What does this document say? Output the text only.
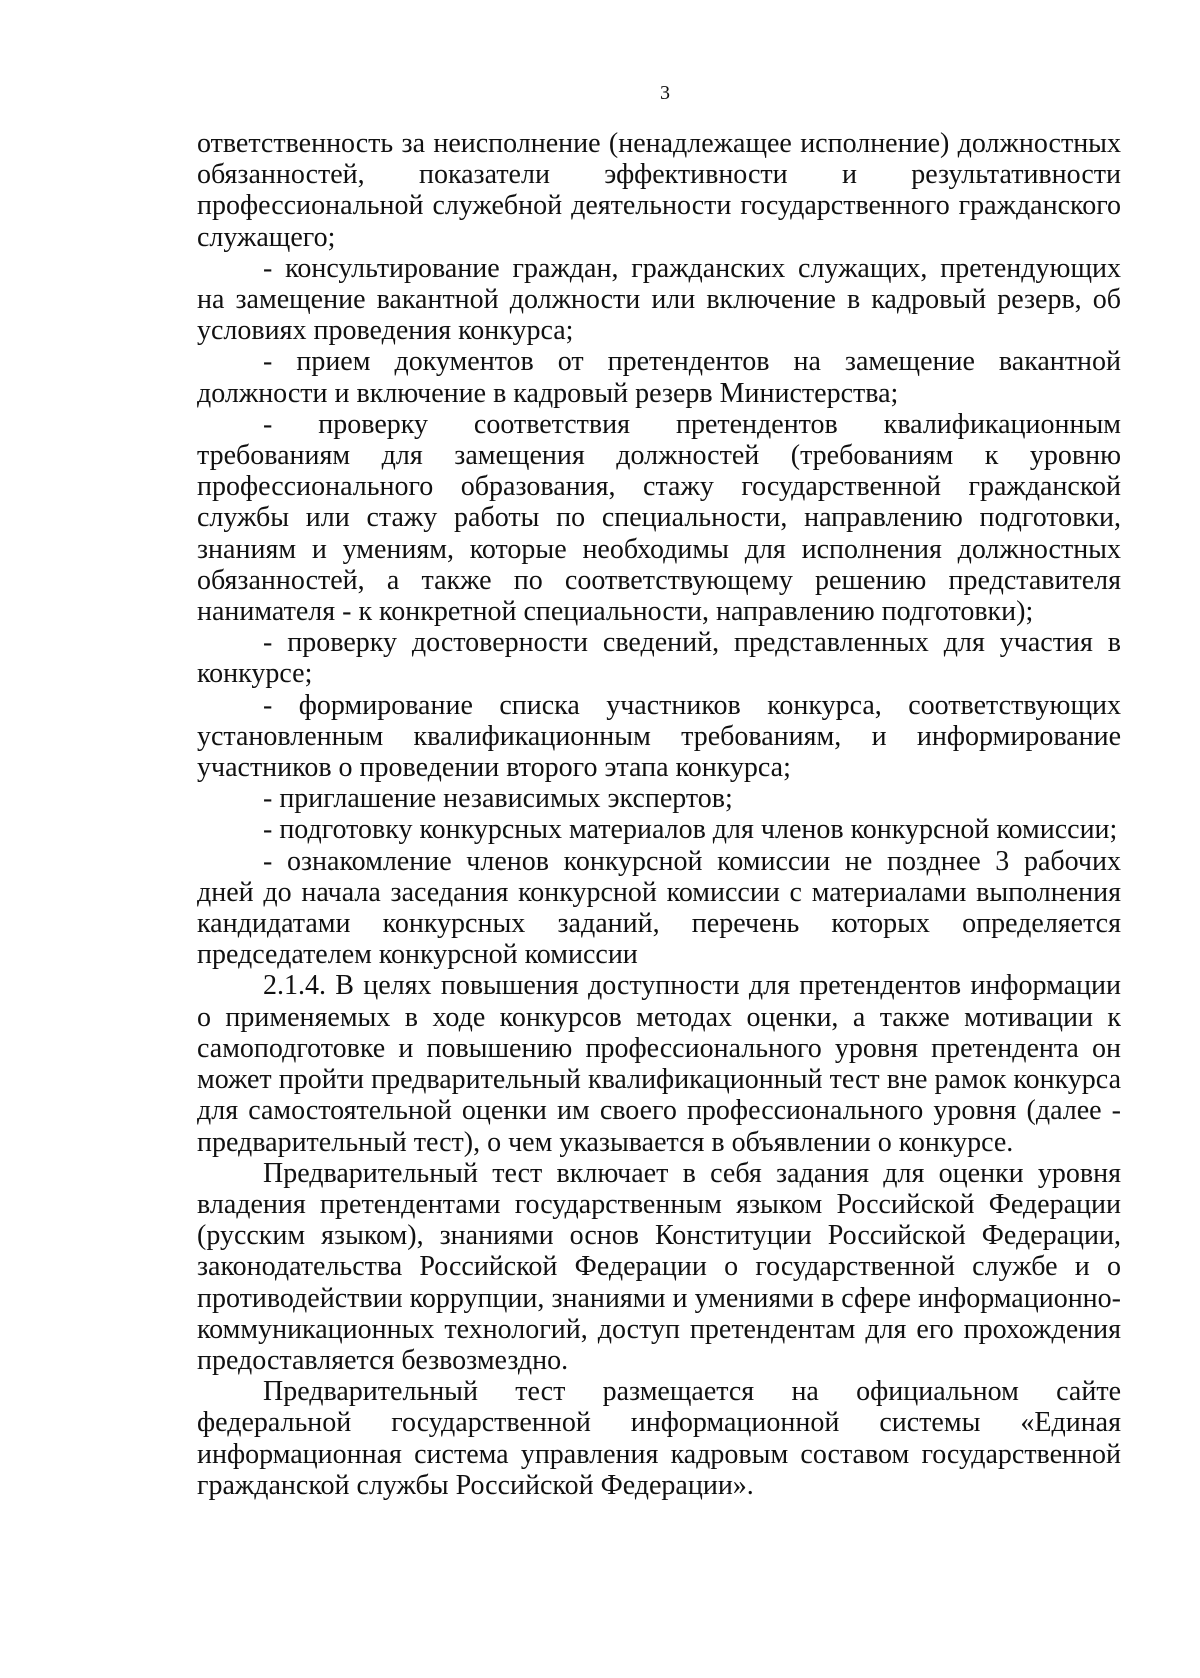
3

ответственность за неисполнение (ненадлежащее исполнение) должностных обязанностей, показатели эффективности и результативности профессиональной служебной деятельности государственного гражданского служащего;

- консультирование граждан, гражданских служащих, претендующих на замещение вакантной должности или включение в кадровый резерв, об условиях проведения конкурса;

- прием документов от претендентов на замещение вакантной должности и включение в кадровый резерв Министерства;

- проверку соответствия претендентов квалификационным требованиям для замещения должностей (требованиям к уровню профессионального образования, стажу государственной гражданской службы или стажу работы по специальности, направлению подготовки, знаниям и умениям, которые необходимы для исполнения должностных обязанностей, а также по соответствующему решению представителя нанимателя - к конкретной специальности, направлению подготовки);

- проверку достоверности сведений, представленных для участия в конкурсе;

- формирование списка участников конкурса, соответствующих установленным квалификационным требованиям, и информирование участников о проведении второго этапа конкурса;

- приглашение независимых экспертов;

- подготовку конкурсных материалов для членов конкурсной комиссии;

- ознакомление членов конкурсной комиссии не позднее 3 рабочих дней до начала заседания конкурсной комиссии с материалами выполнения кандидатами конкурсных заданий, перечень которых определяется председателем конкурсной комиссии

2.1.4. В целях повышения доступности для претендентов информации о применяемых в ходе конкурсов методах оценки, а также мотивации к самоподготовке и повышению профессионального уровня претендента он может пройти предварительный квалификационный тест вне рамок конкурса для самостоятельной оценки им своего профессионального уровня (далее - предварительный тест), о чем указывается в объявлении о конкурсе.

Предварительный тест включает в себя задания для оценки уровня владения претендентами государственным языком Российской Федерации (русским языком), знаниями основ Конституции Российской Федерации, законодательства Российской Федерации о государственной службе и о противодействии коррупции, знаниями и умениями в сфере информационно-коммуникационных технологий, доступ претендентам для его прохождения предоставляется безвозмездно.

Предварительный тест размещается на официальном сайте федеральной государственной информационной системы «Единая информационная система управления кадровым составом государственной гражданской службы Российской Федерации».
